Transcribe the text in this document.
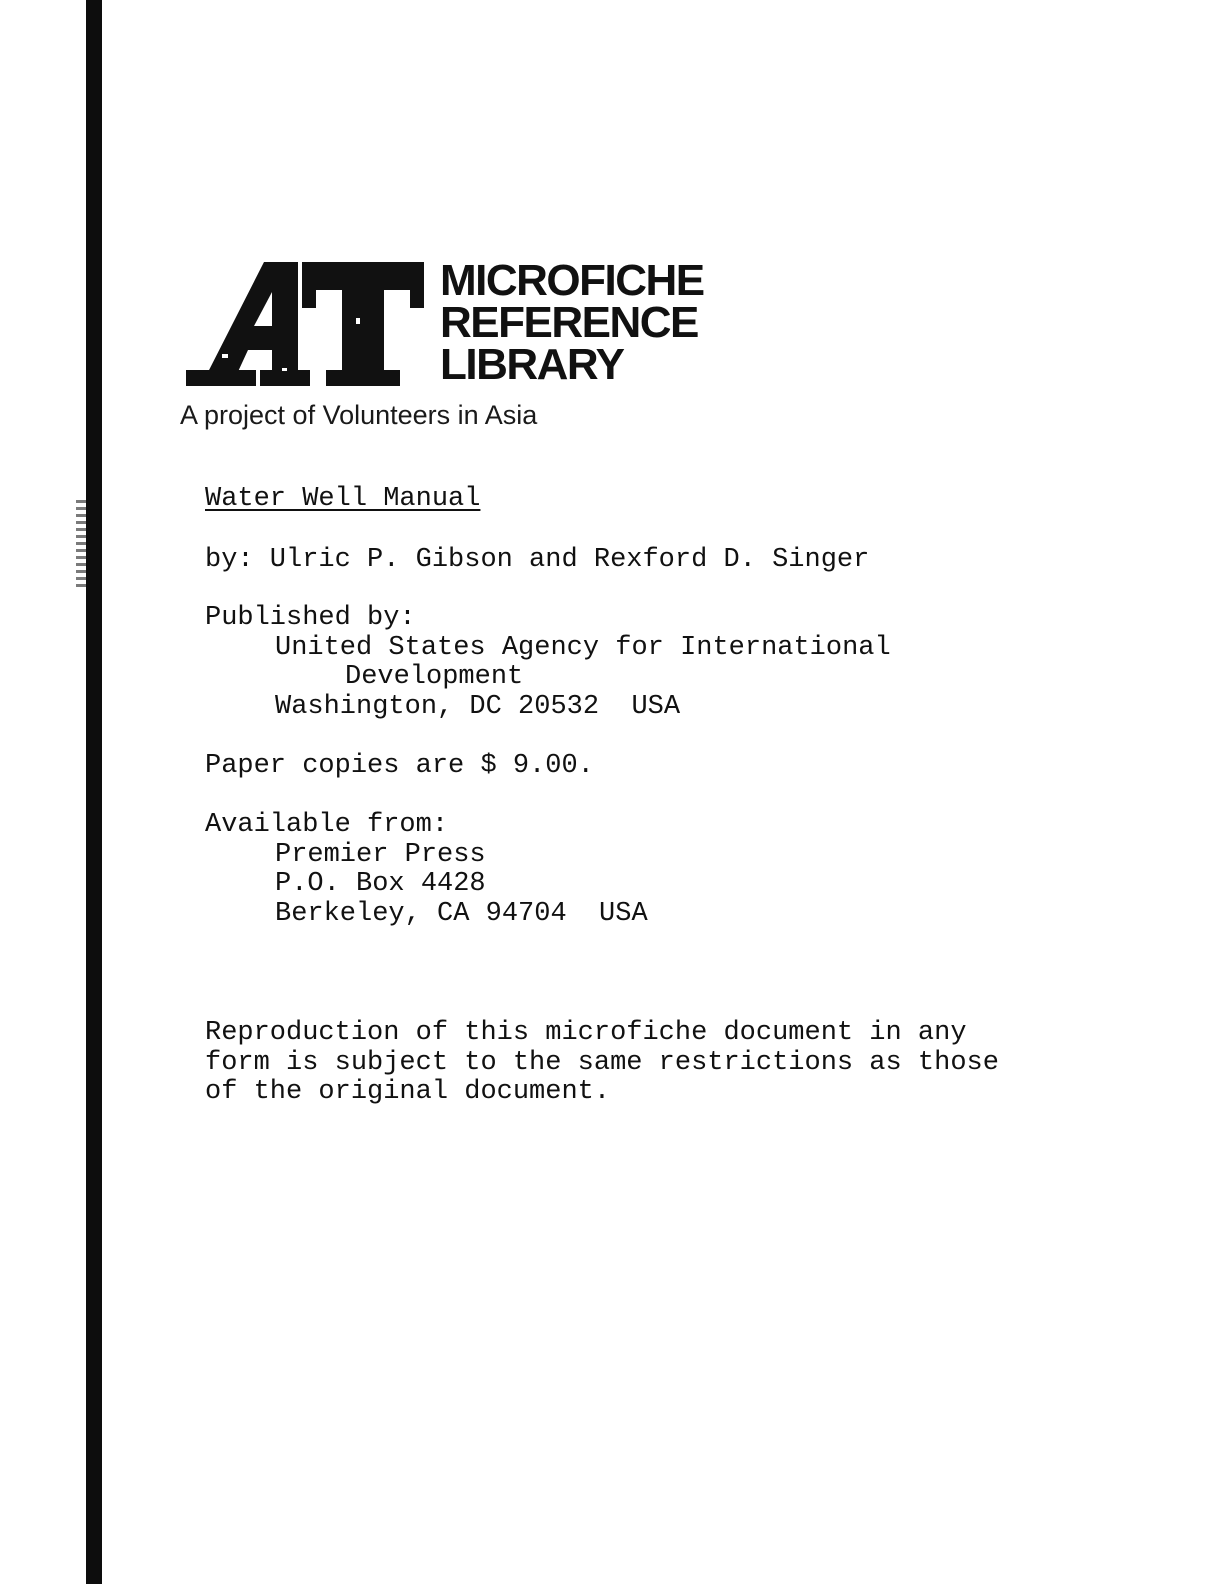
MICROFICHE
REFERENCE
LIBRARY
A project of Volunteers in Asia
Water Well Manual
by: Ulric P. Gibson and Rexford D. Singer
Published by:
United States Agency for International
Development
Washington, DC 20532  USA
Paper copies are $ 9.00.
Available from:
Premier Press
P.O. Box 4428
Berkeley, CA 94704  USA
Reproduction of this microfiche document in any
form is subject to the same restrictions as those
of the original document.
